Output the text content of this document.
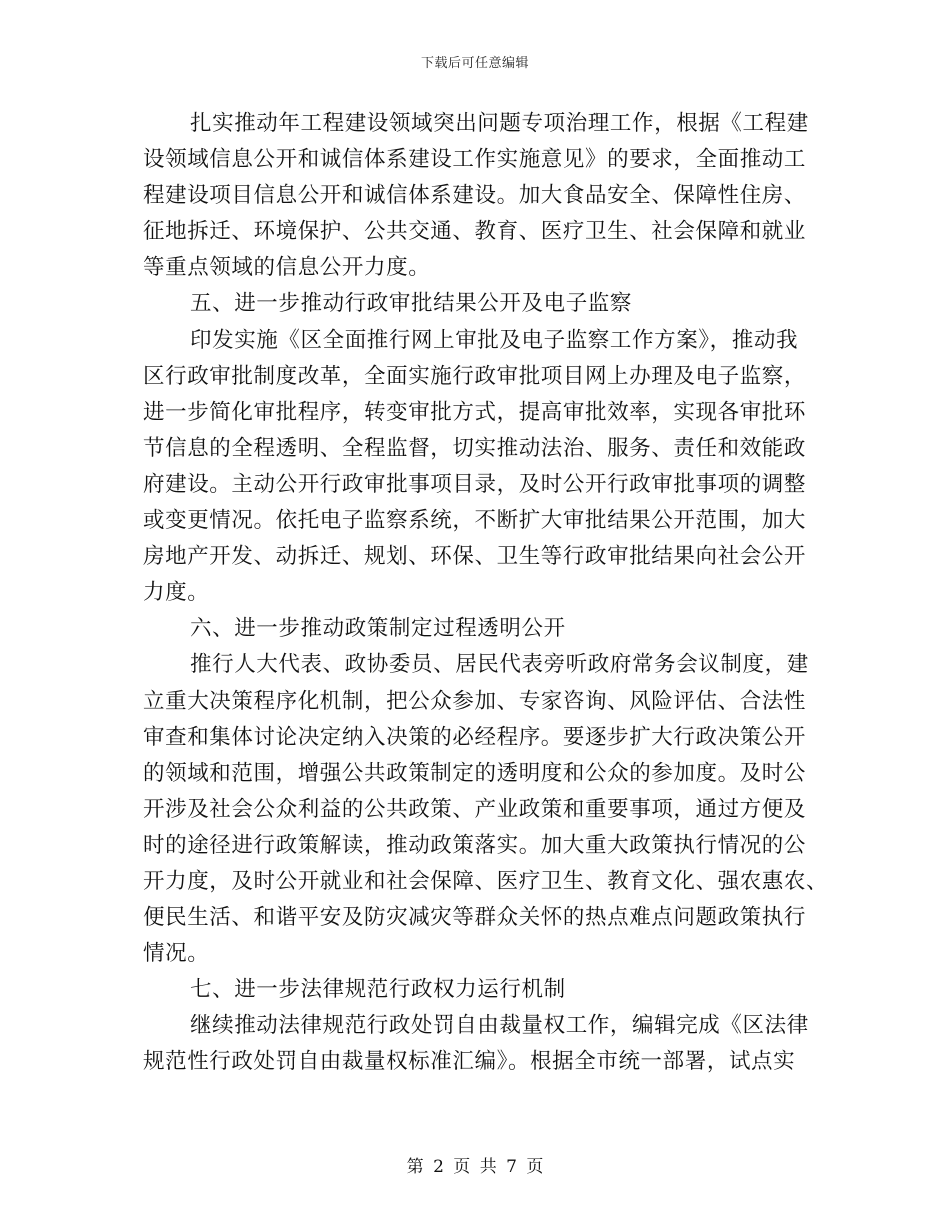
下载后可任意编辑
扎实推动年工程建设领域突出问题专项治理工作，根据《工程建
设领域信息公开和诚信体系建设工作实施意见》的要求，全面推动工
程建设项目信息公开和诚信体系建设。加大食品安全、保障性住房、
征地拆迁、环境保护、公共交通、教育、医疗卫生、社会保障和就业
等重点领域的信息公开力度。
五、进一步推动行政审批结果公开及电子监察
印发实施《区全面推行网上审批及电子监察工作方案》，推动我
区行政审批制度改革，全面实施行政审批项目网上办理及电子监察，
进一步简化审批程序，转变审批方式，提高审批效率，实现各审批环
节信息的全程透明、全程监督，切实推动法治、服务、责任和效能政
府建设。主动公开行政审批事项目录，及时公开行政审批事项的调整
或变更情况。依托电子监察系统，不断扩大审批结果公开范围，加大
房地产开发、动拆迁、规划、环保、卫生等行政审批结果向社会公开
力度。
六、进一步推动政策制定过程透明公开
推行人大代表、政协委员、居民代表旁听政府常务会议制度，建
立重大决策程序化机制，把公众参加、专家咨询、风险评估、合法性
审查和集体讨论决定纳入决策的必经程序。要逐步扩大行政决策公开
的领域和范围，增强公共政策制定的透明度和公众的参加度。及时公
开涉及社会公众利益的公共政策、产业政策和重要事项，通过方便及
时的途径进行政策解读，推动政策落实。加大重大政策执行情况的公
开力度，及时公开就业和社会保障、医疗卫生、教育文化、强农惠农、
便民生活、和谐平安及防灾减灾等群众关怀的热点难点问题政策执行
情况。
七、进一步法律规范行政权力运行机制
继续推动法律规范行政处罚自由裁量权工作，编辑完成《区法律
规范性行政处罚自由裁量权标准汇编》。根据全市统一部署，试点实
第 2 页 共 7 页
